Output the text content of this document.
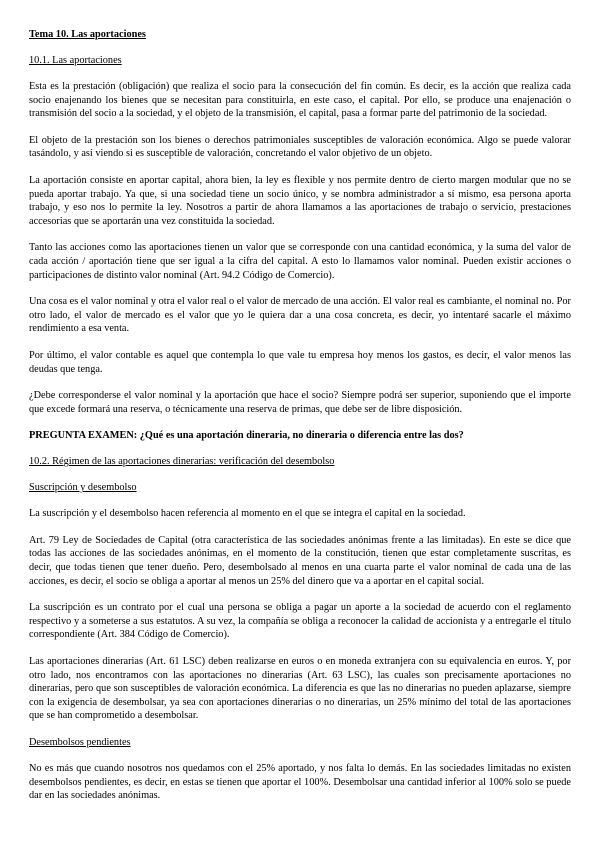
Tema 10. Las aportaciones
10.1. Las aportaciones

Esta es la prestación (obligación) que realiza el socio para la consecución del fin común. Es decir, es la acción que realiza cada socio enajenando los bienes que se necesitan para constituirla, en este caso, el capital. Por ello, se produce una enajenación o transmisión del socio a la sociedad, y el objeto de la transmisión, el capital, pasa a formar parte del patrimonio de la sociedad.

El objeto de la prestación son los bienes o derechos patrimoniales susceptibles de valoración económica. Algo se puede valorar tasándolo, y así viendo si es susceptible de valoración, concretando el valor objetivo de un objeto.

La aportación consiste en aportar capital, ahora bien, la ley es flexible y nos permite dentro de cierto margen modular que no se pueda aportar trabajo. Ya que, si una sociedad tiene un socio único, y se nombra administrador a sí mismo, esa persona aporta trabajo, y eso nos lo permite la ley. Nosotros a partir de ahora llamamos a las aportaciones de trabajo o servicio, prestaciones accesorias que se aportarán una vez constituida la sociedad.

Tanto las acciones como las aportaciones tienen un valor que se corresponde con una cantidad económica, y la suma del valor de cada acción / aportación tiene que ser igual a la cifra del capital. A esto lo llamamos valor nominal. Pueden existir acciones o participaciones de distinto valor nominal (Art. 94.2 Código de Comercio).

Una cosa es el valor nominal y otra el valor real o el valor de mercado de una acción. El valor real es cambiante, el nominal no. Por otro lado, el valor de mercado es el valor que yo le quiera dar a una cosa concreta, es decir, yo intentaré sacarle el máximo rendimiento a esa venta.

Por último, el valor contable es aquel que contempla lo que vale tu empresa hoy menos los gastos, es decir, el valor menos las deudas que tenga.

¿Debe corresponderse el valor nominal y la aportación que hace el socio? Siempre podrá ser superior, suponiendo que el importe que excede formará una reserva, o técnicamente una reserva de primas, que debe ser de libre disposición.

PREGUNTA EXAMEN: ¿Qué es una aportación dineraria, no dineraria o diferencia entre las dos?
10.2. Régimen de las aportaciones dinerarias: verificación del desembolso
Suscripción y desembolso

La suscripción y el desembolso hacen referencia al momento en el que se integra el capital en la sociedad.

Art. 79 Ley de Sociedades de Capital (otra característica de las sociedades anónimas frente a las limitadas). En este se dice que todas las acciones de las sociedades anónimas, en el momento de la constitución, tienen que estar completamente suscritas, es decir, que todas tienen que tener dueño. Pero, desembolsado al menos en una cuarta parte el valor nominal de cada una de las acciones, es decir, el socio se obliga a aportar al menos un 25% del dinero que va a aportar en el capital social.

La suscripción es un contrato por el cual una persona se obliga a pagar un aporte a la sociedad de acuerdo con el reglamento respectivo y a someterse a sus estatutos. A su vez, la compañía se obliga a reconocer la calidad de accionista y a entregarle el título correspondiente (Art. 384 Código de Comercio).

Las aportaciones dinerarias (Art. 61 LSC) deben realizarse en euros o en moneda extranjera con su equivalencia en euros. Y, por otro lado, nos encontramos con las aportaciones no dinerarias (Art. 63 LSC), las cuales son precisamente aportaciones no dinerarias, pero que son susceptibles de valoración económica. La diferencia es que las no dinerarias no pueden aplazarse, siempre con la exigencia de desembolsar, ya sea con aportaciones dinerarias o no dinerarias, un 25% mínimo del total de las aportaciones que se han comprometido a desembolsar.

Desembolsos pendientes

No es más que cuando nosotros nos quedamos con el 25% aportado, y nos falta lo demás. En las sociedades limitadas no existen desembolsos pendientes, es decir, en estas se tienen que aportar el 100%. Desembolsar una cantidad inferior al 100% solo se puede dar en las sociedades anónimas.
